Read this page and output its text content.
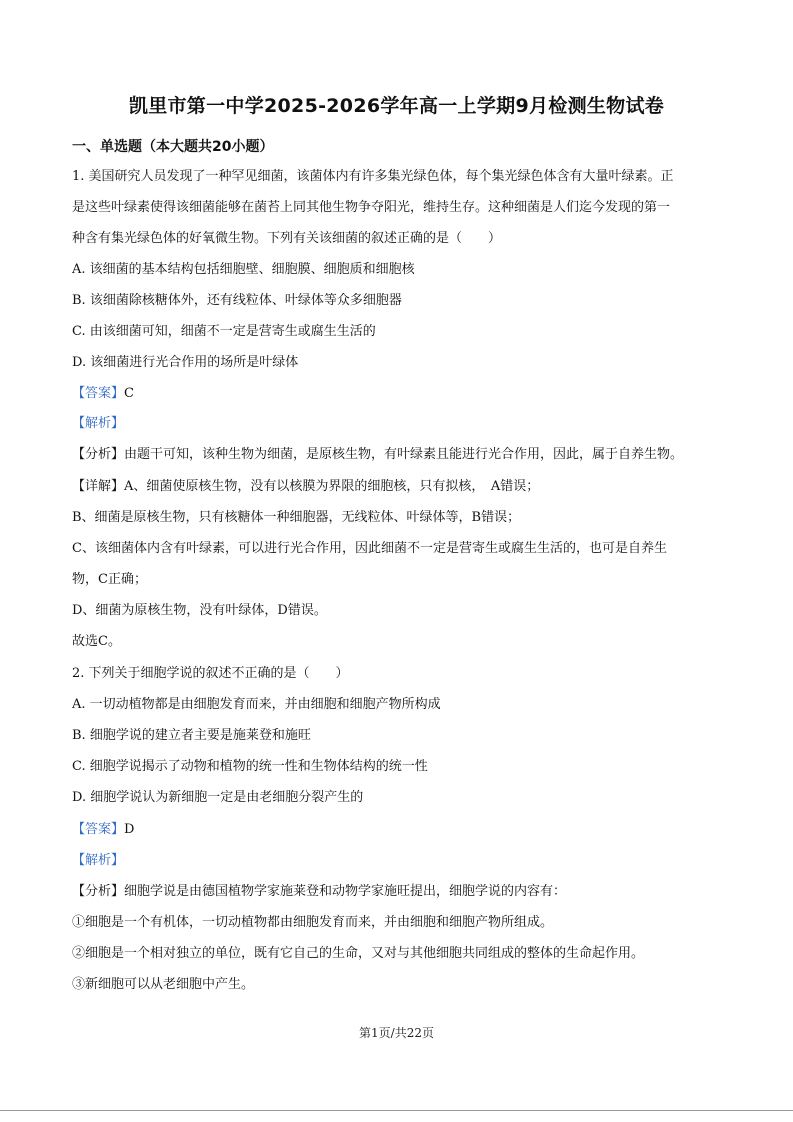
凯里市第一中学2025-2026学年高一上学期9月检测生物试卷
一、单选题（本大题共20小题）
1. 美国研究人员发现了一种罕见细菌，该菌体内有许多集光绿色体，每个集光绿色体含有大量叶绿素。正
是这些叶绿素使得该细菌能够在菌苔上同其他生物争夺阳光，维持生存。这种细菌是人们迄今发现的第一
种含有集光绿色体的好氧微生物。下列有关该细菌的叙述正确的是（　　）
A. 该细菌的基本结构包括细胞壁、细胞膜、细胞质和细胞核
B. 该细菌除核糖体外，还有线粒体、叶绿体等众多细胞器
C. 由该细菌可知，细菌不一定是营寄生或腐生生活的
D. 该细菌进行光合作用的场所是叶绿体
【答案】C
【解析】
【分析】由题干可知，该种生物为细菌，是原核生物，有叶绿素且能进行光合作用，因此，属于自养生物。
【详解】A、细菌使原核生物，没有以核膜为界限的细胞核，只有拟核，　A错误；
B、细菌是原核生物，只有核糖体一种细胞器，无线粒体、叶绿体等，B错误；
C、该细菌体内含有叶绿素，可以进行光合作用，因此细菌不一定是营寄生或腐生生活的，也可是自养生
物，C正确；
D、细菌为原核生物，没有叶绿体，D错误。
故选C。
2. 下列关于细胞学说的叙述不正确的是（　　）
A. 一切动植物都是由细胞发育而来，并由细胞和细胞产物所构成
B. 细胞学说的建立者主要是施莱登和施旺
C. 细胞学说揭示了动物和植物的统一性和生物体结构的统一性
D. 细胞学说认为新细胞一定是由老细胞分裂产生的
【答案】D
【解析】
【分析】细胞学说是由德国植物学家施莱登和动物学家施旺提出，细胞学说的内容有：
①细胞是一个有机体，一切动植物都由细胞发育而来，并由细胞和细胞产物所组成。
②细胞是一个相对独立的单位，既有它自己的生命，又对与其他细胞共同组成的整体的生命起作用。
③新细胞可以从老细胞中产生。
第1页/共22页
